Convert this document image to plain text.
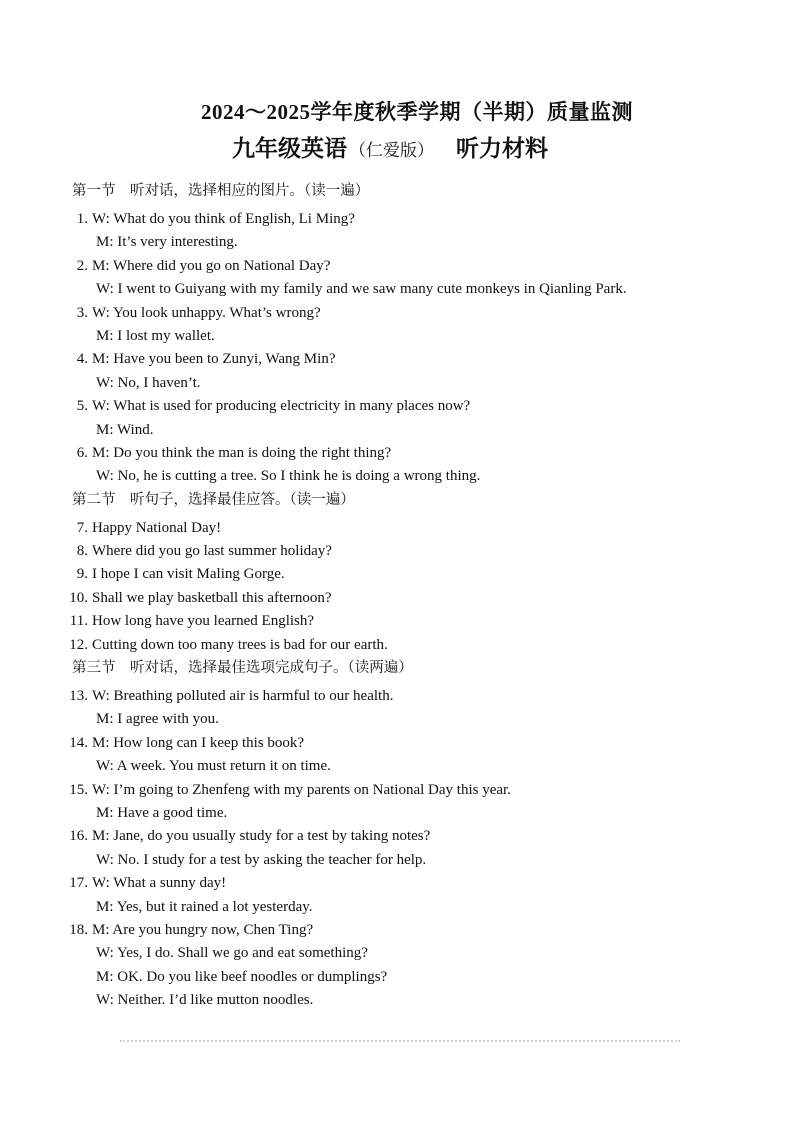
2024～2025学年度秋季学期（半期）质量监测
九年级英语 （仁爱版） 听力材料
第一节　听对话，选择相应的图片。（读一遍）
1. W: What do you think of English, Li Ming?
M: It’s very interesting.
2. M: Where did you go on National Day?
W: I went to Guiyang with my family and we saw many cute monkeys in Qianling Park.
3. W: You look unhappy. What’s wrong?
M: I lost my wallet.
4. M: Have you been to Zunyi, Wang Min?
W: No, I haven’t.
5. W: What is used for producing electricity in many places now?
M: Wind.
6. M: Do you think the man is doing the right thing?
W: No, he is cutting a tree. So I think he is doing a wrong thing.
第二节　听句子，选择最佳应答。（读一遍）
7. Happy National Day!
8. Where did you go last summer holiday?
9. I hope I can visit Maling Gorge.
10. Shall we play basketball this afternoon?
11. How long have you learned English?
12. Cutting down too many trees is bad for our earth.
第三节　听对话，选择最佳选项完成句子。（读两遍）
13. W: Breathing polluted air is harmful to our health.
M: I agree with you.
14. M: How long can I keep this book?
W: A week. You must return it on time.
15. W: I’m going to Zhenfeng with my parents on National Day this year.
M: Have a good time.
16. M: Jane, do you usually study for a test by taking notes?
W: No. I study for a test by asking the teacher for help.
17. W: What a sunny day!
M: Yes, but it rained a lot yesterday.
18. M: Are you hungry now, Chen Ting?
W: Yes, I do. Shall we go and eat something?
M: OK. Do you like beef noodles or dumplings?
W: Neither. I’d like mutton noodles.
